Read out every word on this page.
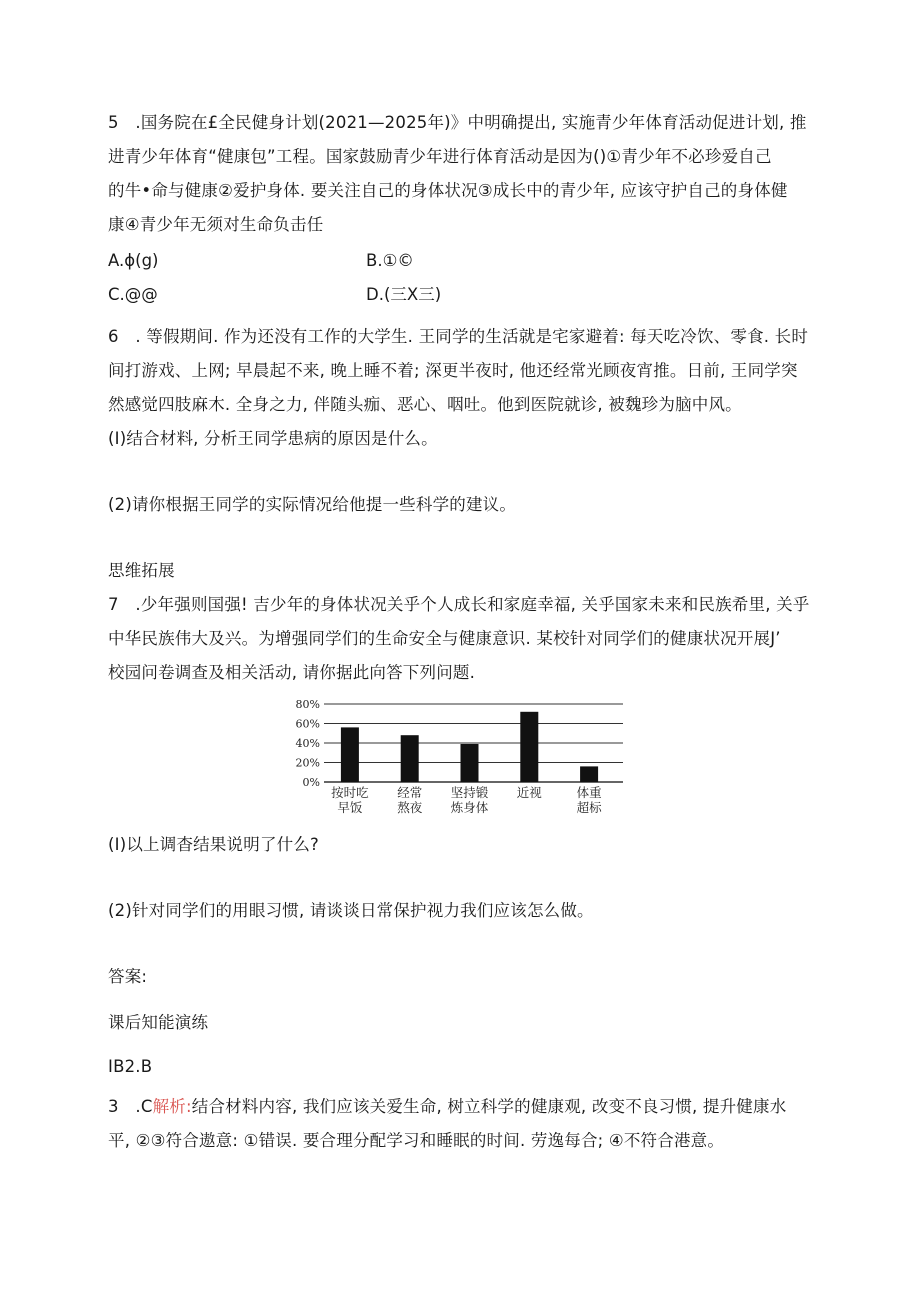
5　.国务院在£全民健身计划(2021—2025年)》中明确提出, 实施青少年体育活动促进计划, 推
进青少年体育“健康包”工程。国家鼓励青少年进行体育活动是因为()①青少年不必珍爱自己
的牛•命与健康②爱护身体. 要关注自己的身体状况③成长中的青少年, 应该守护自己的身体健
康④青少年无须对生命负击任
A.ϕ(g)	B.①©
C.@@	D.(三X三)
6　. 等假期间. 作为还没有工作的大学生. 王同学的生活就是宅家避着: 每天吃冷饮、零食. 长时
间打游戏、上网; 早晨起不来, 晚上睡不着; 深更半夜时, 他还经常光顾夜宵推。日前, 王同学突
然感觉四肢麻木. 全身之力, 伴随头痂、恶心、咽吐。他到医院就诊, 被魏珍为脑中风。
(I)结合材料, 分析王同学患病的原因是什么。
(2)请你根据王同学的实际情况给他提一些科学的建议。
思维拓展
7　.少年强则国强! 吉少年的身体状况关乎个人成长和家庭幸福, 关乎国家未来和民族希里, 关乎
中华民族伟大及兴。为增强同学们的生命安全与健康意识. 某校针对同学们的健康状况开展J’
校园问卷调查及相关活动, 请你据此向答下列问题.
0%
20%
40%
60%
80%
按时吃
早饭
经常
熬夜
坚持锻
炼身体
近视	体重
超标
(I)以上调杳结果说明了什么?
(2)针对同学们的用眼习惯, 请谈谈日常保护视力我们应该怎么做。
答案:
课后知能演练
IB2.B
3　.C解析:结合材料内容, 我们应该关爱生命, 树立科学的健康观, 改变不良习惯, 提升健康水
平, ②③符合遨意: ①错误. 要合理分配学习和睡眠的时间. 劳逸每合; ④不符合港意。
